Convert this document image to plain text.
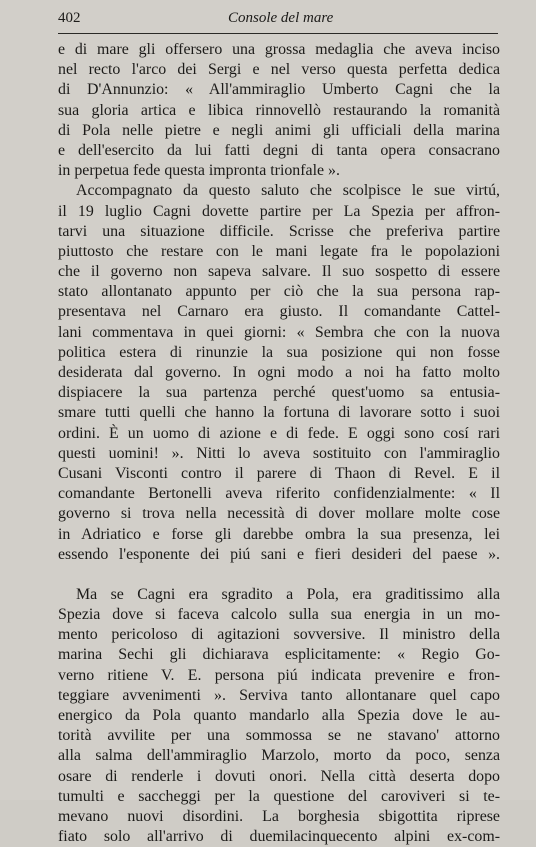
402	Console del mare
e di mare gli offersero una grossa medaglia che aveva inciso
nel recto l'arco dei Sergi e nel verso questa perfetta dedica
di D'Annunzio: « All'ammiraglio Umberto Cagni che la
sua gloria artica e libica rinnovellò restaurando la romanità
di Pola nelle pietre e negli animi gli ufficiali della marina
e dell'esercito da lui fatti degni di tanta opera consacrano
in perpetua fede questa impronta trionfale ».
Accompagnato da questo saluto che scolpisce le sue virtú,
il 19 luglio Cagni dovette partire per La Spezia per affron-
tarvi una situazione difficile. Scrisse che preferiva partire
piuttosto che restare con le mani legate fra le popolazioni
che il governo non sapeva salvare. Il suo sospetto di essere
stato allontanato appunto per ciò che la sua persona rap-
presentava nel Carnaro era giusto. Il comandante Cattel-
lani commentava in quei giorni: « Sembra che con la nuova
politica estera di rinunzie la sua posizione qui non fosse
desiderata dal governo. In ogni modo a noi ha fatto molto
dispiacere la sua partenza perché quest'uomo sa entusia-
smare tutti quelli che hanno la fortuna di lavorare sotto i suoi
ordini. È un uomo di azione e di fede. E oggi sono cosí rari
questi uomini! ». Nitti lo aveva sostituito con l'ammiraglio
Cusani Visconti contro il parere di Thaon di Revel. E il
comandante Bertonelli aveva riferito confidenzialmente: « Il
governo si trova nella necessità di dover mollare molte cose
in Adriatico e forse gli darebbe ombra la sua presenza, lei
essendo l'esponente dei piú sani e fieri desideri del paese ».
Ma se Cagni era sgradito a Pola, era graditissimo alla
Spezia dove si faceva calcolo sulla sua energia in un mo-
mento pericoloso di agitazioni sovversive. Il ministro della
marina Sechi gli dichiarava esplicitamente: « Regio Go-
verno ritiene V. E. persona piú indicata prevenire e fron-
teggiare avvenimenti ». Serviva tanto allontanare quel capo
energico da Pola quanto mandarlo alla Spezia dove le au-
torità avvilite per una sommossa se ne stavano' attorno
alla salma dell'ammiraglio Marzolo, morto da poco, senza
osare di renderle i dovuti onori. Nella città deserta dopo
tumulti e saccheggi per la questione del caroviveri si te-
mevano nuovi disordini. La borghesia sbigottita riprese
fiato solo all'arrivo di duemilacinquecento alpini ex-com-
